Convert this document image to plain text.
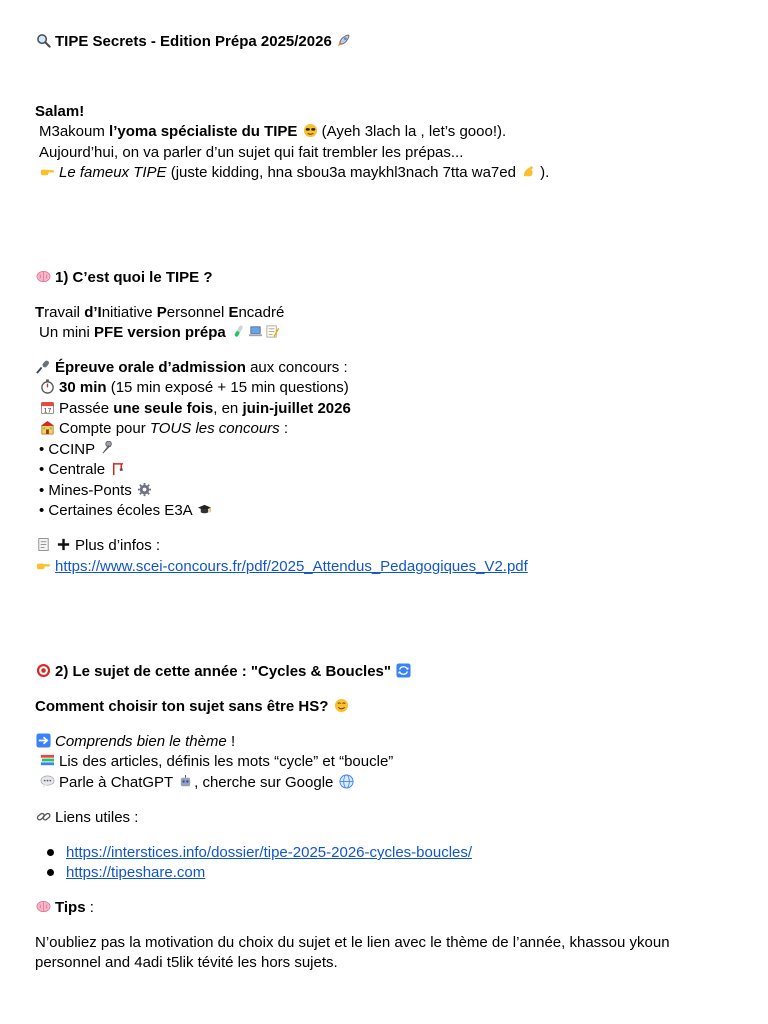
TIPE Secrets - Edition Prépa 2025/2026
Salam!
M3akoum l’yoma spécialiste du TIPE (Ayeh 3lach la , let’s gooo!).
Aujourd’hui, on va parler d’un sujet qui fait trembler les prépas...
Le fameux TIPE (juste kidding, hna sbou3a maykhl3nach 7tta wa7ed ).
1) C’est quoi le TIPE ?
Travail d’Initiative Personnel Encadré
Un mini PFE version prépa
Épreuve orale d’admission aux concours :
30 min (15 min exposé + 15 min questions)
17 Passée une seule fois, en juin-juillet 2026
Compte pour TOUS les concours :
• CCINP
• Centrale
• Mines-Ponts
• Certaines écoles E3A
Plus d’infos :
https://www.scei-concours.fr/pdf/2025_Attendus_Pedagogiques_V2.pdf
2) Le sujet de cette année : "Cycles & Boucles"
Comment choisir ton sujet sans être HS?
Comprends bien le thème !
Lis des articles, définis les mots “cycle” et “boucle”
Parle à ChatGPT , cherche sur Google
Liens utiles :
https://interstices.info/dossier/tipe-2025-2026-cycles-boucles/
https://tipeshare.com
Tips :
N’oubliez pas la motivation du choix du sujet et le lien avec le thème de l’année, khassou ykoun personnel and 4adi t5lik tévité les hors sujets.
